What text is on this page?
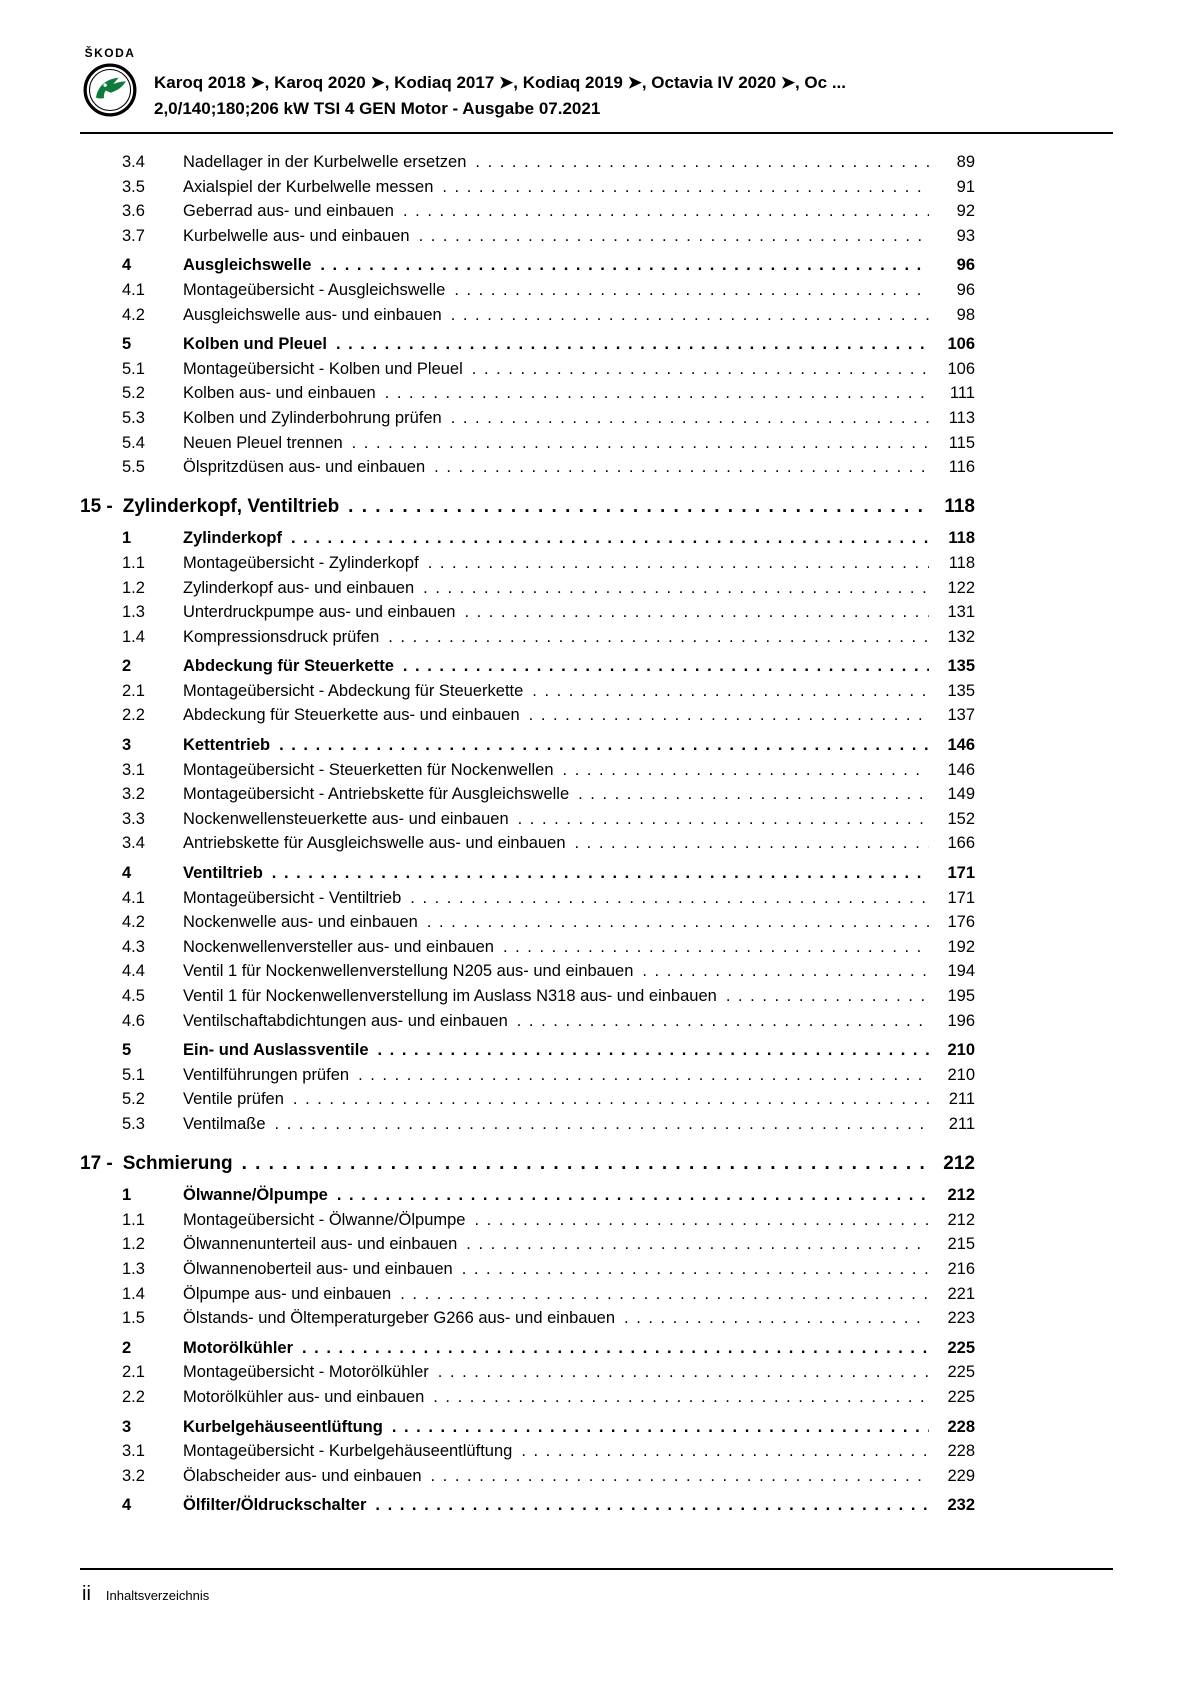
ŠKODA
Karoq 2018 ➤, Karoq 2020 ➤, Kodiaq 2017 ➤, Kodiaq 2019 ➤, Octavia IV 2020 ➤, Oc ...
2,0/140;180;206 kW TSI 4 GEN Motor - Ausgabe 07.2021
3.4	Nadellager in der Kurbelwelle ersetzen . . .	89
3.5	Axialspiel der Kurbelwelle messen . . .	91
3.6	Geberrad aus- und einbauen . . .	92
3.7	Kurbelwelle aus- und einbauen . . .	93
4	Ausgleichswelle . . .	96
4.1	Montageübersicht - Ausgleichswelle . . .	96
4.2	Ausgleichswelle aus- und einbauen . . .	98
5	Kolben und Pleuel . . .	106
5.1	Montageübersicht - Kolben und Pleuel . . .	106
5.2	Kolben aus- und einbauen . . .	111
5.3	Kolben und Zylinderbohrung prüfen . . .	113
5.4	Neuen Pleuel trennen . . .	115
5.5	Ölspritzdüsen aus- und einbauen . . .	116
15 - Zylinderkopf, Ventiltrieb . . .	118
1	Zylinderkopf . . .	118
1.1	Montageübersicht - Zylinderkopf . . .	118
1.2	Zylinderkopf aus- und einbauen . . .	122
1.3	Unterdruckpumpe aus- und einbauen . . .	131
1.4	Kompressionsdruck prüfen . . .	132
2	Abdeckung für Steuerkette . . .	135
2.1	Montageübersicht - Abdeckung für Steuerkette . . .	135
2.2	Abdeckung für Steuerkette aus- und einbauen . . .	137
3	Kettentrieb . . .	146
3.1	Montageübersicht - Steuerketten für Nockenwellen . . .	146
3.2	Montageübersicht - Antriebskette für Ausgleichswelle . . .	149
3.3	Nockenwellensteuerkette aus- und einbauen . . .	152
3.4	Antriebskette für Ausgleichswelle aus- und einbauen . . .	166
4	Ventiltrieb . . .	171
4.1	Montageübersicht - Ventiltrieb . . .	171
4.2	Nockenwelle aus- und einbauen . . .	176
4.3	Nockenwellenversteller aus- und einbauen . . .	192
4.4	Ventil 1 für Nockenwellenverstellung N205 aus- und einbauen . . .	194
4.5	Ventil 1 für Nockenwellenverstellung im Auslass N318 aus- und einbauen . . .	195
4.6	Ventilschaftabdichtungen aus- und einbauen . . .	196
5	Ein- und Auslassventile . . .	210
5.1	Ventilführungen prüfen . . .	210
5.2	Ventile prüfen . . .	211
5.3	Ventilmaße . . .	211
17 - Schmierung . . .	212
1	Ölwanne/Ölpumpe . . .	212
1.1	Montageübersicht - Ölwanne/Ölpumpe . . .	212
1.2	Ölwannenunterteil aus- und einbauen . . .	215
1.3	Ölwannenoberteil aus- und einbauen . . .	216
1.4	Ölpumpe aus- und einbauen . . .	221
1.5	Ölstands- und Öltemperaturgeber G266 aus- und einbauen . . .	223
2	Motorölkühler . . .	225
2.1	Montageübersicht - Motorölkühler . . .	225
2.2	Motorölkühler aus- und einbauen . . .	225
3	Kurbelgehäuseentlüftung . . .	228
3.1	Montageübersicht - Kurbelgehäuseentlüftung . . .	228
3.2	Ölabscheider aus- und einbauen . . .	229
4	Ölfilter/Öldruckschalter . . .	232
ii Inhaltsverzeichnis
